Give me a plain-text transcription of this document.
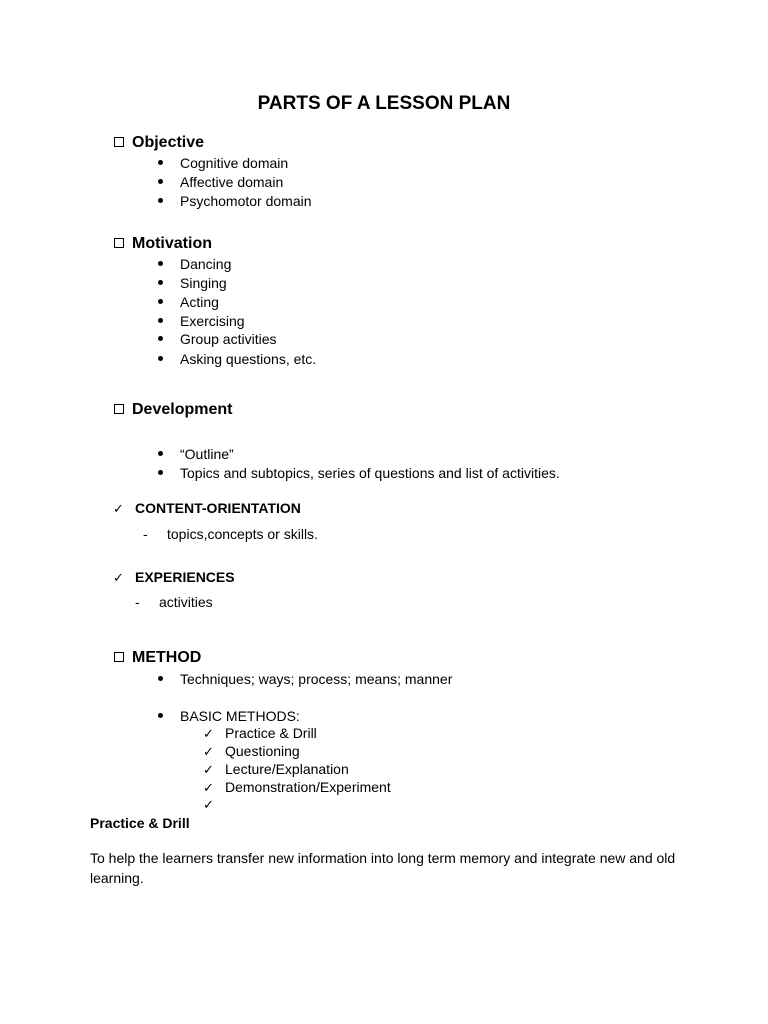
PARTS OF A LESSON PLAN
Objective
Cognitive domain
Affective domain
Psychomotor domain
Motivation
Dancing
Singing
Acting
Exercising
Group activities
Asking questions, etc.
Development
“Outline”
Topics and subtopics, series of questions and list of activities.
✓ CONTENT-ORIENTATION
- topics,concepts or skills.
✓ EXPERIENCES
- activities
METHOD
Techniques; ways; process; means; manner
BASIC METHODS:
✓ Practice & Drill
✓ Questioning
✓ Lecture/Explanation
✓ Demonstration/Experiment
✓
Practice & Drill
To help the learners transfer new information into long term memory and integrate new and old learning.
